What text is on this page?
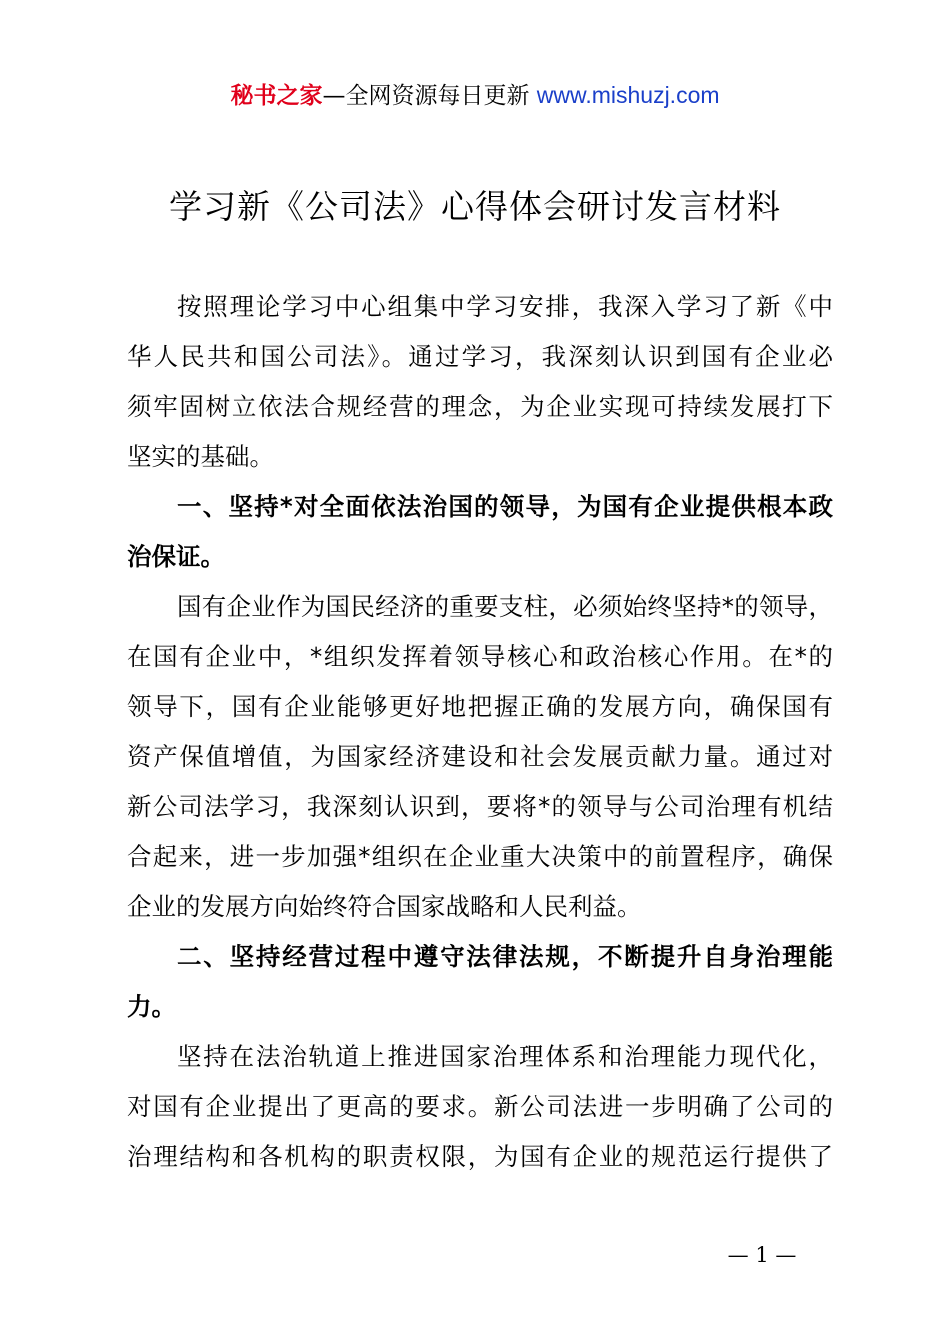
秘书之家—全网资源每日更新 www.mishuzj.com
学习新《公司法》心得体会研讨发言材料
按照理论学习中心组集中学习安排，我深入学习了新《中
华人民共和国公司法》。通过学习，我深刻认识到国有企业必
须牢固树立依法合规经营的理念，为企业实现可持续发展打下
坚实的基础。
一、坚持*对全面依法治国的领导，为国有企业提供根本政
治保证。
国有企业作为国民经济的重要支柱，必须始终坚持*的领导，
在国有企业中，*组织发挥着领导核心和政治核心作用。在*的
领导下，国有企业能够更好地把握正确的发展方向，确保国有
资产保值增值，为国家经济建设和社会发展贡献力量。通过对
新公司法学习，我深刻认识到，要将*的领导与公司治理有机结
合起来，进一步加强*组织在企业重大决策中的前置程序，确保
企业的发展方向始终符合国家战略和人民利益。
二、坚持经营过程中遵守法律法规，不断提升自身治理能
力。
坚持在法治轨道上推进国家治理体系和治理能力现代化，
对国有企业提出了更高的要求。新公司法进一步明确了公司的
治理结构和各机构的职责权限，为国有企业的规范运行提供了
— 1 —
